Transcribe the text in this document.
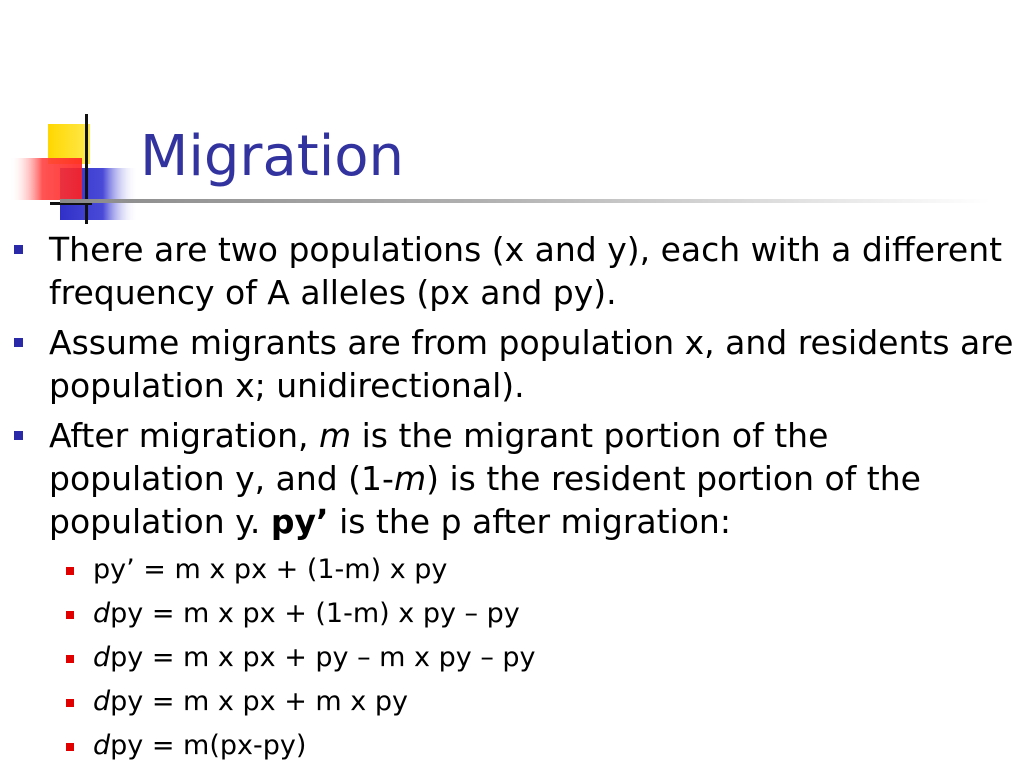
Migration
There are two populations (x and y), each with a different frequency of A alleles (px and py).
Assume migrants are from population x, and residents are population x; unidirectional).
After migration, m is the migrant portion of the population y, and (1-m) is the resident portion of the population y. py’ is the p after migration:
py’ = m x px + (1-m) x py
dpy = m x px + (1-m) x py – py
dpy = m x px + py – m x py – py
dpy = m x px + m x py
dpy = m(px-py)
